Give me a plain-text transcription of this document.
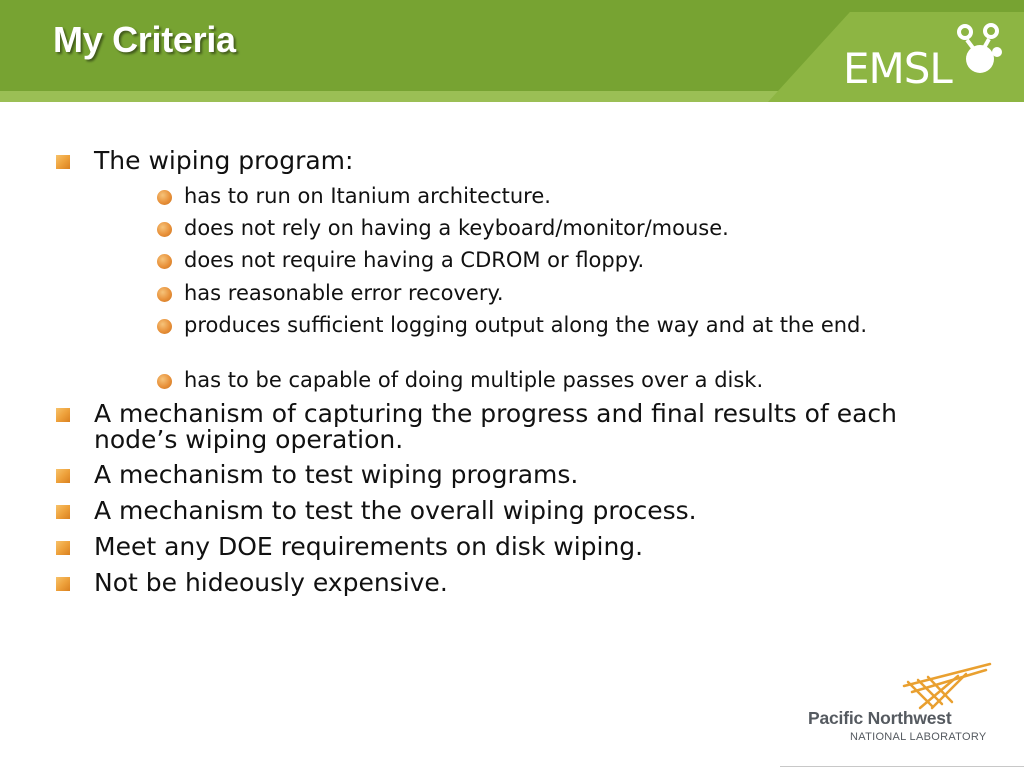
My Criteria
EMSL
The wiping program:
has to run on Itanium architecture.
does not rely on having a keyboard/monitor/mouse.
does not require having a CDROM or floppy.
has reasonable error recovery.
produces sufficient logging output along the way and at the end.
has to be capable of doing multiple passes over a disk.
A mechanism of capturing the progress and final results of each node’s wiping operation.
A mechanism to test wiping programs.
A mechanism to test the overall wiping process.
Meet any DOE requirements on disk wiping.
Not be hideously expensive.
Pacific Northwest
NATIONAL LABORATORY
